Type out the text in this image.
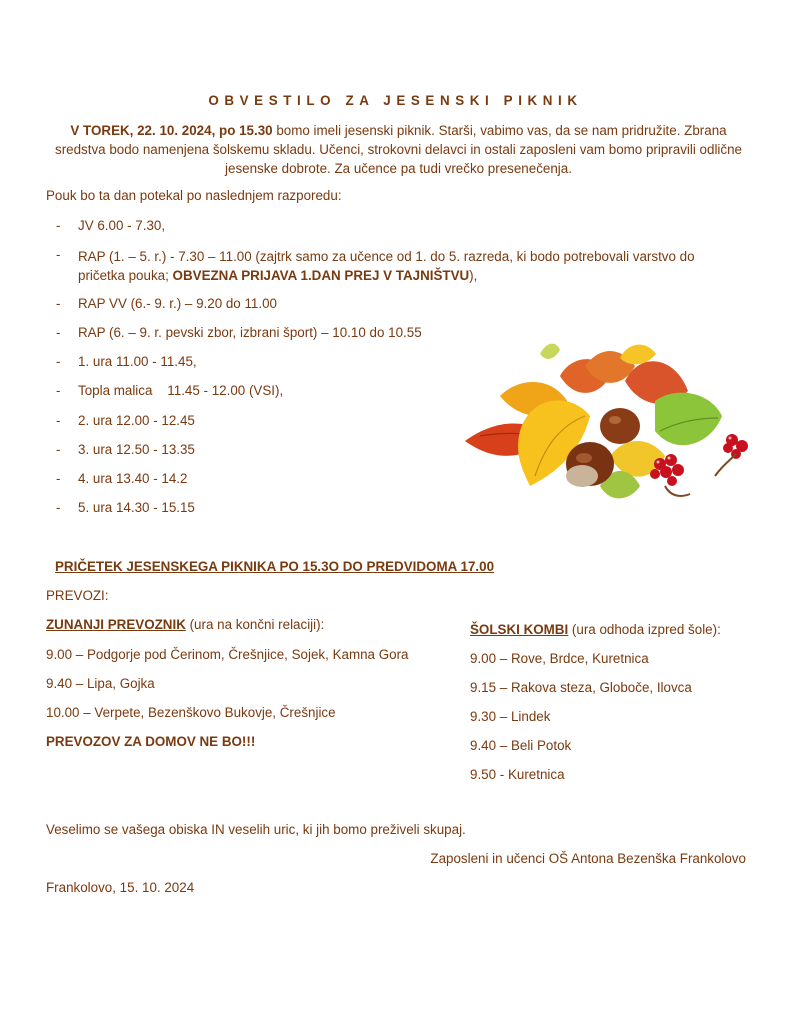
OBVESTILO ZA JESENSKI PIKNIK

V TOREK, 22. 10. 2024, po 15.30 bomo imeli jesenski piknik. Starši, vabimo vas, da se nam pridružite. Zbrana sredstva bodo namenjena šolskemu skladu. Učenci, strokovni delavci in ostali zaposleni vam bomo pripravili odlične jesenske dobrote. Za učence pa tudi vrečko presenečenja.

Pouk bo ta dan potekal po naslednjem razporedu:

- JV 6.00 - 7.30,
- RAP (1. – 5. r.) - 7.30 – 11.00 (zajtrk samo za učence od 1. do 5. razreda, ki bodo potrebovali varstvo do pričetka pouka; OBVEZNA PRIJAVA 1.DAN PREJ V TAJNIŠTVU),
- RAP VV (6.- 9. r.) – 9.20 do 11.00
- RAP (6. – 9. r. pevski zbor, izbrani šport) – 10.10 do 10.55
- 1. ura 11.00 - 11.45,
- Topla malica    11.45 - 12.00 (VSI),
- 2. ura 12.00 - 12.45
- 3. ura 12.50 - 13.35
- 4. ura 13.40 - 14.2
- 5. ura 14.30 - 15.15

PRIČETEK JESENSKEGA PIKNIKA PO 15.3O DO PREDVIDOMA 17.00

PREVOZI:

ZUNANJI PREVOZNIK (ura na končni relaciji):

9.00 – Podgorje pod Čerinom, Črešnjice, Sojek, Kamna Gora

9.40 – Lipa, Gojka

10.00 – Verpete, Bezenškovo Bukovje, Črešnjice

PREVOZOV ZA DOMOV NE BO!!!

ŠOLSKI KOMBI (ura odhoda izpred šole):

9.00 – Rove, Brdce, Kuretnica

9.15 – Rakova steza, Globoče, Ilovca

9.30 – Lindek

9.40 – Beli Potok

9.50 - Kuretnica

Veselimo se vašega obiska IN veselih uric, ki jih bomo preživeli skupaj.

Zaposleni in učenci OŠ Antona Bezenška Frankolovo

Frankolovo, 15. 10. 2024
